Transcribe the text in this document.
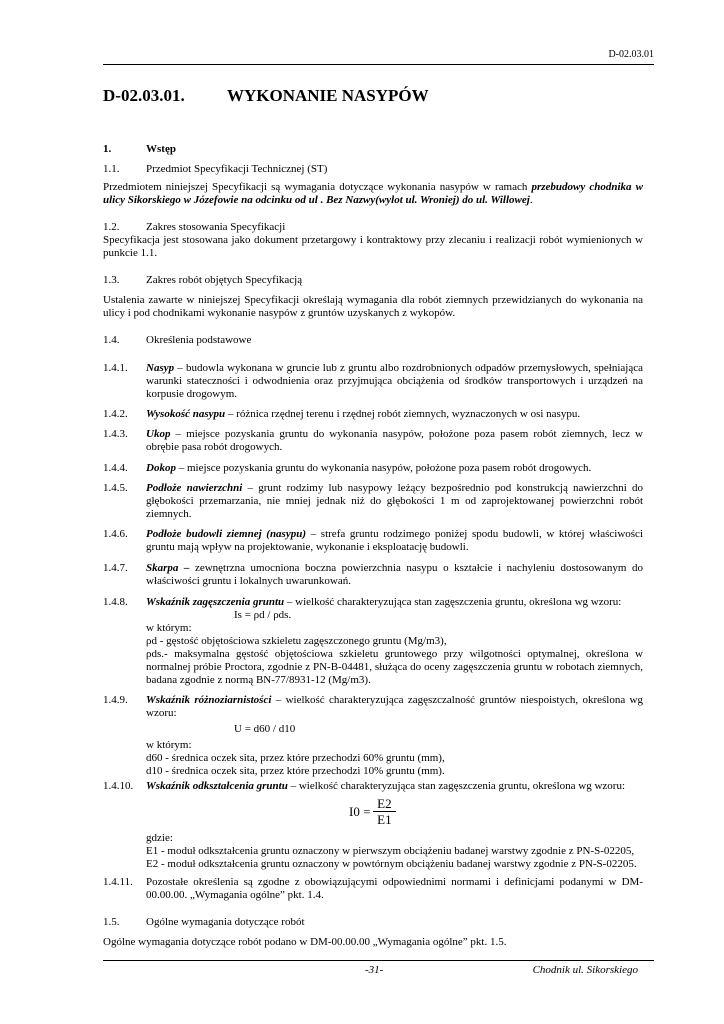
D-02.03.01
D-02.03.01. WYKONANIE NASYPÓW
1.	Wstęp
1.1. Przedmiot Specyfikacji Technicznej (ST)
Przedmiotem niniejszej Specyfikacji są wymagania dotyczące wykonania nasypów w ramach przebudowy chodnika w ulicy Sikorskiego w Józefowie na odcinku od ul . Bez Nazwy(wylot ul. Wroniej) do ul. Willowej.
1.2. Zakres stosowania Specyfikacji
Specyfikacja jest stosowana jako dokument przetargowy i kontraktowy przy zlecaniu i realizacji robót wymienionych w punkcie 1.1.
1.3. Zakres robót objętych Specyfikacją
Ustalenia zawarte w niniejszej Specyfikacji określają wymagania dla robót ziemnych przewidzianych do wykonania na ulicy i pod chodnikami wykonanie nasypów z gruntów uzyskanych z wykopów.
1.4. Określenia podstawowe
1.4.1. Nasyp – budowla wykonana w gruncie lub z gruntu albo rozdrobnionych odpadów przemysłowych, spełniająca warunki stateczności i odwodnienia oraz przyjmująca obciążenia od środków transportowych i urządzeń na korpusie drogowym.
1.4.2. Wysokość nasypu – różnica rzędnej terenu i rzędnej robót ziemnych, wyznaczonych w osi nasypu.
1.4.3. Ukop – miejsce pozyskania gruntu do wykonania nasypów, położone poza pasem robót ziemnych, lecz w obrębie pasa robót drogowych.
1.4.4. Dokop – miejsce pozyskania gruntu do wykonania nasypów, położone poza pasem robót drogowych.
1.4.5. Podłoże nawierzchni – grunt rodzimy lub nasypowy leżący bezpośrednio pod konstrukcją nawierzchni do głębokości przemarzania, nie mniej jednak niż do głębokości 1 m od zaprojektowanej powierzchni robót ziemnych.
1.4.6. Podłoże budowli ziemnej (nasypu) – strefa gruntu rodzimego poniżej spodu budowli, w której właściwości gruntu mają wpływ na projektowanie, wykonanie i eksploatację budowli.
1.4.7. Skarpa – zewnętrzna umocniona boczna powierzchnia nasypu o kształcie i nachyleniu dostosowanym do właściwości gruntu i lokalnych uwarunkowań.
1.4.8. Wskaźnik zagęszczenia gruntu – wielkość charakteryzująca stan zagęszczenia gruntu, określona wg wzoru:
Is = ρd / ρds.
w którym:
ρd - gęstość objętościowa szkieletu zagęszczonego gruntu (Mg/m3),
ρds.- maksymalna gęstość objętościowa szkieletu gruntowego przy wilgotności optymalnej, określona w normalnej próbie Proctora, zgodnie z PN-B-04481, służąca do oceny zagęszczenia gruntu w robotach ziemnych, badana zgodnie z normą BN-77/8931-12 (Mg/m3).
1.4.9. Wskaźnik różnoziarnistości – wielkość charakteryzująca zagęszczalność gruntów niespoistych, określona wg wzoru:
U = d60 / d10
w którym:
d60 - średnica oczek sita, przez które przechodzi 60% gruntu (mm),
d10 - średnica oczek sita, przez które przechodzi 10% gruntu (mm).
1.4.10. Wskaźnik odkształcenia gruntu – wielkość charakteryzująca stan zagęszczenia gruntu, określona wg wzoru:
$I0 = \frac{E2}{E1}$
gdzie:
E1 - moduł odkształcenia gruntu oznaczony w pierwszym obciążeniu badanej warstwy zgodnie z PN-S-02205,
E2 - moduł odkształcenia gruntu oznaczony w powtórnym obciążeniu badanej warstwy zgodnie z PN-S-02205.
1.4.11. Pozostałe określenia są zgodne z obowiązującymi odpowiednimi normami i definicjami podanymi w DM-00.00.00. „Wymagania ogólne” pkt. 1.4.
1.5. Ogólne wymagania dotyczące robót
Ogólne wymagania dotyczące robót podano w DM-00.00.00 „Wymagania ogólne” pkt. 1.5.
-31-	Chodnik ul. Sikorskiego
